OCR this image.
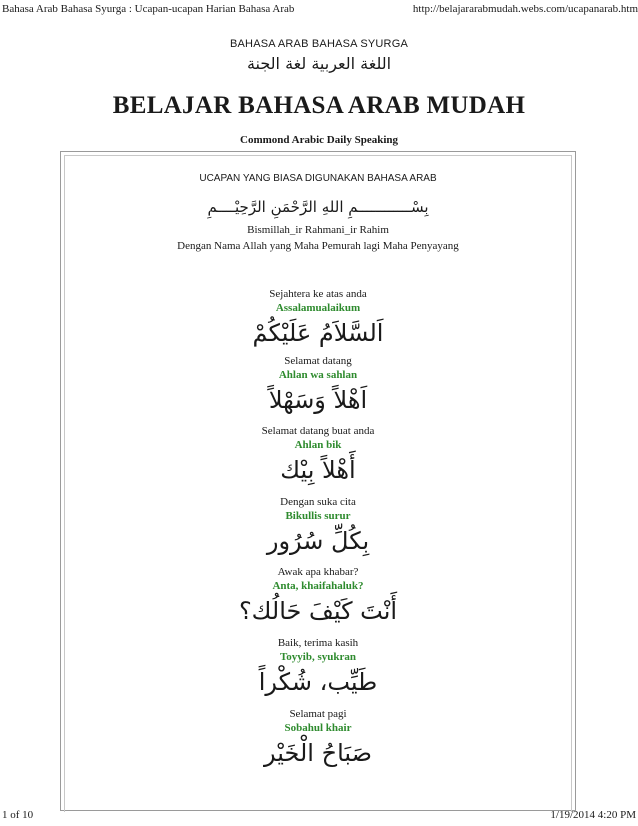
Bahasa Arab Bahasa Syurga : Ucapan-ucapan Harian Bahasa Arab	http://belajararabmudah.webs.com/ucapanarab.htm
BAHASA ARAB BAHASA SYURGA
اللغة العربية لغة الجنة
BELAJAR BAHASA ARAB MUDAH
Commond Arabic Daily Speaking
UCAPAN YANG BIASA DIGUNAKAN BAHASA ARAB
بِسْــــــــــــمِ اللهِ الرَّحْمَنِ الرَّحِيْــــمِ
Bismillah_ir Rahmani_ir Rahim
Dengan Nama Allah yang Maha Pemurah lagi Maha Penyayang
Sejahtera ke atas anda
Assalamualaikum
اَلسَّلاَمُ عَلَيْكُمْ
Selamat datang
Ahlan wa sahlan
اَهْلاً وَسَهْلاً
Selamat datang buat anda
Ahlan bik
أَهْلاً بِيْك
Dengan suka cita
Bikullis surur
بِكُلِّ سُرُور
Awak apa khabar?
Anta, khaifahaluk?
أَنْتَ كَيْفَ حَالُك؟
Baik, terima kasih
Toyyib, syukran
طَيِّب، شُكْراً
Selamat pagi
Sobahul khair
صَبَاحُ الْخَيْر
1 of 10	1/19/2014 4:20 PM
